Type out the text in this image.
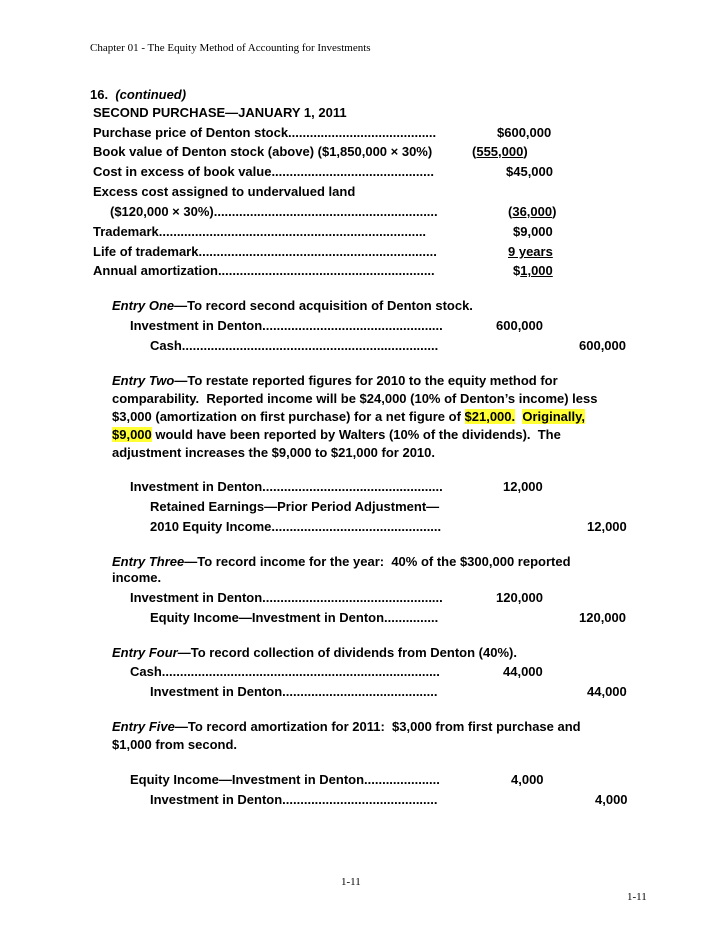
Chapter 01 - The Equity Method of Accounting for Investments
16. (continued)
SECOND PURCHASE—JANUARY 1, 2011
Purchase price of Denton stock.........................................	$600,000
Book value of Denton stock (above) ($1,850,000 × 30%)	(555,000)
Cost in excess of book value.............................................	$45,000
Excess cost assigned to undervalued land
($120,000 × 30%)..............................................................	(36,000)
Trademark..........................................................................	$9,000
Life of trademark..................................................................	9 years
Annual amortization............................................................	$1,000
Entry One—To record second acquisition of Denton stock.
Investment in Denton..................................................	600,000
Cash.......................................................................	600,000
Entry Two—To restate reported figures for 2010 to the equity method for
comparability.  Reported income will be $24,000 (10% of Denton’s income) less
$3,000 (amortization on first purchase) for a net figure of $21,000. Originally,
$9,000 would have been reported by Walters (10% of the dividends).  The
adjustment increases the $9,000 to $21,000 for 2010.
Investment in Denton..................................................	12,000
Retained Earnings—Prior Period Adjustment—
2010 Equity Income...............................................	12,000
Entry Three—To record income for the year:  40% of the $300,000 reported
income.
Investment in Denton..................................................	120,000
Equity Income—Investment in Denton...............	120,000
Entry Four—To record collection of dividends from Denton (40%).
Cash.............................................................................	44,000
Investment in Denton...........................................	44,000
Entry Five—To record amortization for 2011:  $3,000 from first purchase and
$1,000 from second.
Equity Income—Investment in Denton.....................	4,000
Investment in Denton...........................................	4,000
1-11
1-11
